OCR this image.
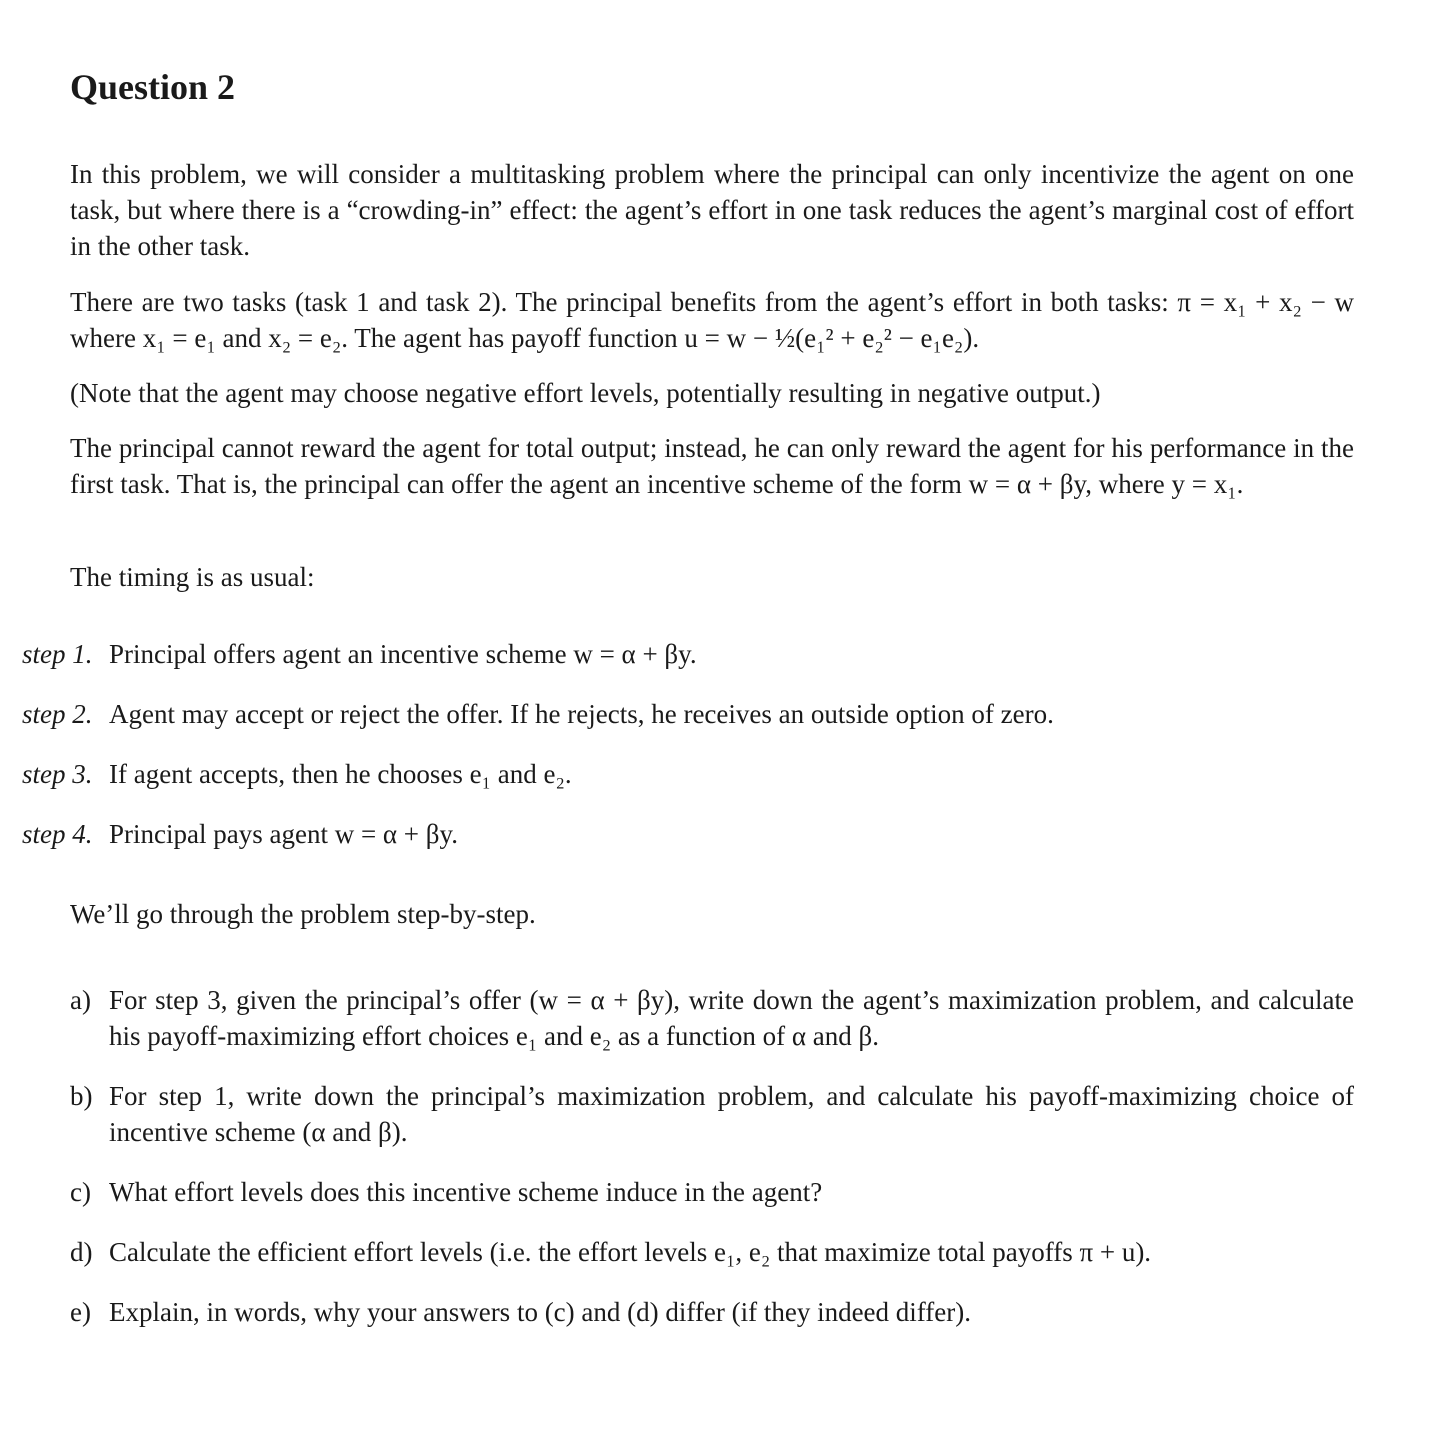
Question 2

In this problem, we will consider a multitasking problem where the principal can only incentivize the agent on one task, but where there is a “crowding-in” effect: the agent’s effort in one task reduces the agent’s marginal cost of effort in the other task.

There are two tasks (task 1 and task 2). The principal benefits from the agent’s effort in both tasks: π = x₁ + x₂ − w where x₁ = e₁ and x₂ = e₂. The agent has payoff function u = w − ½(e₁² + e₂² − e₁e₂).

(Note that the agent may choose negative effort levels, potentially resulting in negative output.)

The principal cannot reward the agent for total output; instead, he can only reward the agent for his performance in the first task. That is, the principal can offer the agent an incentive scheme of the form w = α + βy, where y = x₁.

The timing is as usual:

step 1. Principal offers agent an incentive scheme w = α + βy.
step 2. Agent may accept or reject the offer. If he rejects, he receives an outside option of zero.
step 3. If agent accepts, then he chooses e₁ and e₂.
step 4. Principal pays agent w = α + βy.

We’ll go through the problem step-by-step.

a) For step 3, given the principal’s offer (w = α + βy), write down the agent’s maximization problem, and calculate his payoff-maximizing effort choices e₁ and e₂ as a function of α and β.
b) For step 1, write down the principal’s maximization problem, and calculate his payoff-maximizing choice of incentive scheme (α and β).
c) What effort levels does this incentive scheme induce in the agent?
d) Calculate the efficient effort levels (i.e. the effort levels e₁, e₂ that maximize total payoffs π + u).
e) Explain, in words, why your answers to (c) and (d) differ (if they indeed differ).
